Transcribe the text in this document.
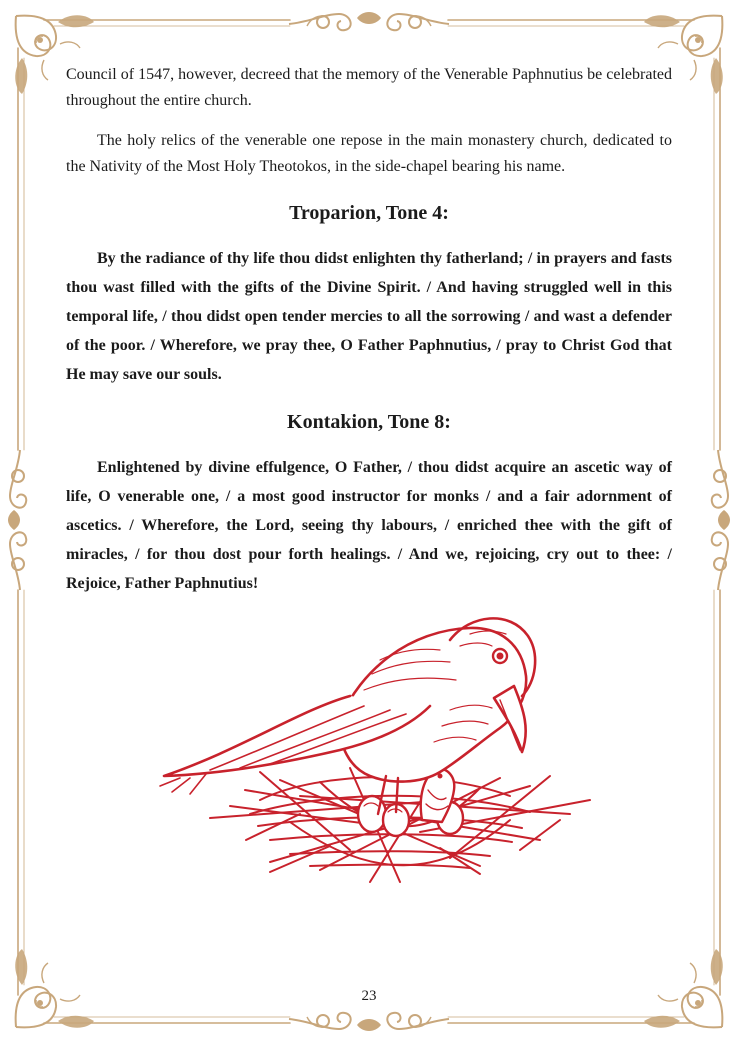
Council of 1547, however, decreed that the memory of the Venerable Paphnutius be celebrated throughout the entire church.

The holy relics of the venerable one repose in the main monastery church, dedicated to the Nativity of the Most Holy Theotokos, in the side-chapel bearing his name.

Troparion, Tone 4:

By the radiance of thy life thou didst enlighten thy fatherland; / in prayers and fasts thou wast filled with the gifts of the Divine Spirit. / And having struggled well in this temporal life, / thou didst open tender mercies to all the sorrowing / and wast a defender of the poor. / Wherefore, we pray thee, O Father Paphnutius, / pray to Christ God that He may save our souls.

Kontakion, Tone 8:

Enlightened by divine effulgence, O Father, / thou didst acquire an ascetic way of life, O venerable one, / a most good instructor for monks / and a fair adornment of ascetics. / Wherefore, the Lord, seeing thy labours, / enriched thee with the gift of miracles, / for thou dost pour forth healings. / And we, rejoicing, cry out to thee: / Rejoice, Father Paphnutius!

23
